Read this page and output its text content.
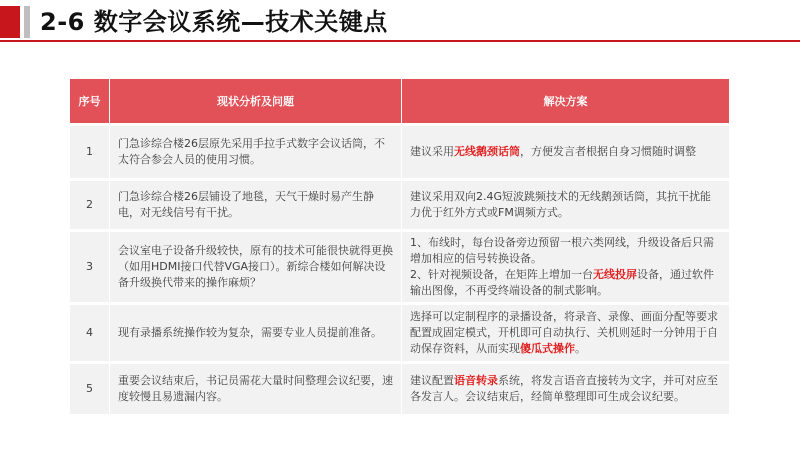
2-6 数字会议系统—技术关键点
序号	现状分析及问题	解决方案
1	门急诊综合楼26层原先采用手拉手式数字会议话筒，不太符合参会人员的使用习惯。	建议采用无线鹅颈话筒，方便发言者根据自身习惯随时调整
2	门急诊综合楼26层铺设了地毯，天气干燥时易产生静电，对无线信号有干扰。	建议采用双向2.4G短波跳频技术的无线鹅颈话筒，其抗干扰能力优于红外方式或FM调频方式。
3	会议室电子设备升级较快，原有的技术可能很快就得更换（如用HDMI接口代替VGA接口）。新综合楼如何解决设备升级换代带来的操作麻烦？	1、布线时，每台设备旁边预留一根六类网线，升级设备后只需增加相应的信号转换设备。
2、针对视频设备，在矩阵上增加一台无线投屏设备，通过软件输出图像，不再受终端设备的制式影响。
4	现有录播系统操作较为复杂，需要专业人员提前准备。	选择可以定制程序的录播设备，将录音、录像、画面分配等要求配置成固定模式，开机即可自动执行、关机则延时一分钟用于自动保存资料，从而实现傻瓜式操作。
5	重要会议结束后，书记员需花大量时间整理会议纪要，速度较慢且易遗漏内容。	建议配置语音转录系统，将发言语音直接转为文字，并可对应至各发言人。会议结束后，经简单整理即可生成会议纪要。
